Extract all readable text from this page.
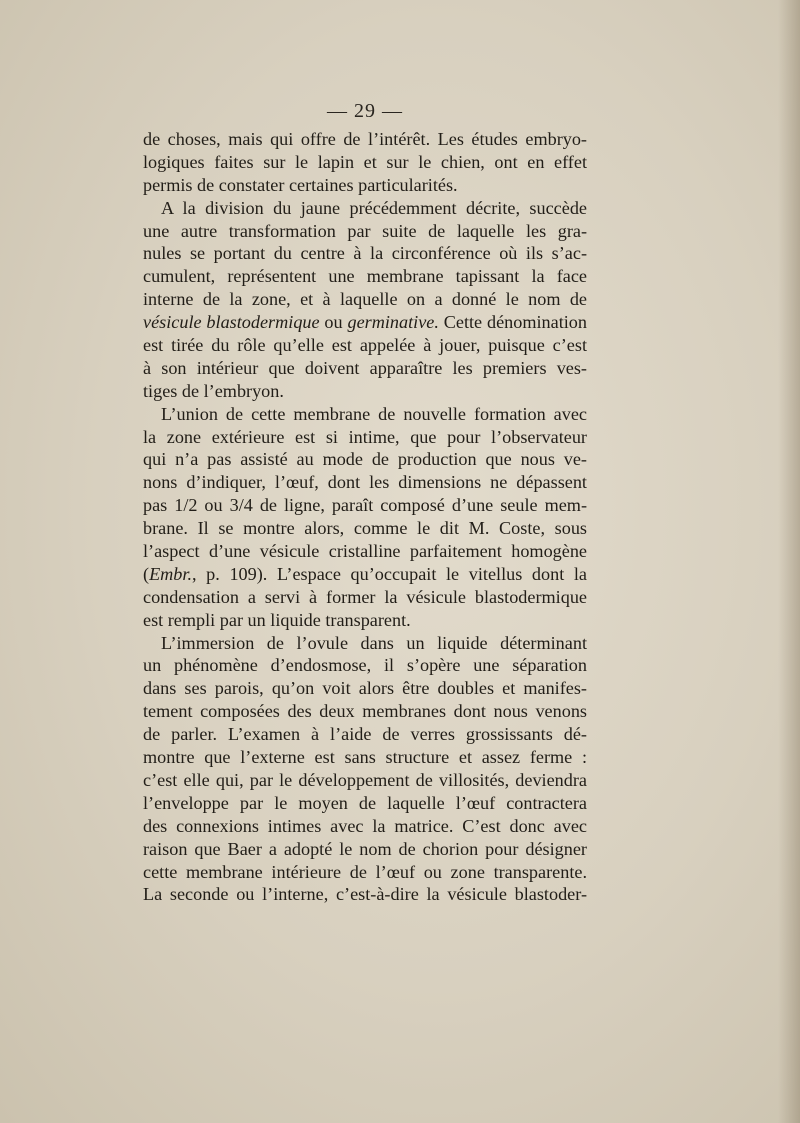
— 29 —
de choses, mais qui offre de l’intérêt. Les études embryo-
logiques faites sur le lapin et sur le chien, ont en effet
permis de constater certaines particularités.
A la division du jaune précédemment décrite, succède
une autre transformation par suite de laquelle les gra-
nules se portant du centre à la circonférence où ils s’ac-
cumulent, représentent une membrane tapissant la face
interne de la zone, et à laquelle on a donné le nom de
vésicule blastodermique ou germinative. Cette dénomination
est tirée du rôle qu’elle est appelée à jouer, puisque c’est
à son intérieur que doivent apparaître les premiers ves-
tiges de l’embryon.
L’union de cette membrane de nouvelle formation avec
la zone extérieure est si intime, que pour l’observateur
qui n’a pas assisté au mode de production que nous ve-
nons d’indiquer, l’œuf, dont les dimensions ne dépassent
pas 1/2 ou 3/4 de ligne, paraît composé d’une seule mem-
brane. Il se montre alors, comme le dit M. Coste, sous
l’aspect d’une vésicule cristalline parfaitement homogène
(Embr., p. 109). L’espace qu’occupait le vitellus dont la
condensation a servi à former la vésicule blastodermique
est rempli par un liquide transparent.
L’immersion de l’ovule dans un liquide déterminant
un phénomène d’endosmose, il s’opère une séparation
dans ses parois, qu’on voit alors être doubles et manifes-
tement composées des deux membranes dont nous venons
de parler. L’examen à l’aide de verres grossissants dé-
montre que l’externe est sans structure et assez ferme :
c’est elle qui, par le développement de villosités, deviendra
l’enveloppe par le moyen de laquelle l’œuf contractera
des connexions intimes avec la matrice. C’est donc avec
raison que Baer a adopté le nom de chorion pour désigner
cette membrane intérieure de l’œuf ou zone transparente.
La seconde ou l’interne, c’est-à-dire la vésicule blastoder-
